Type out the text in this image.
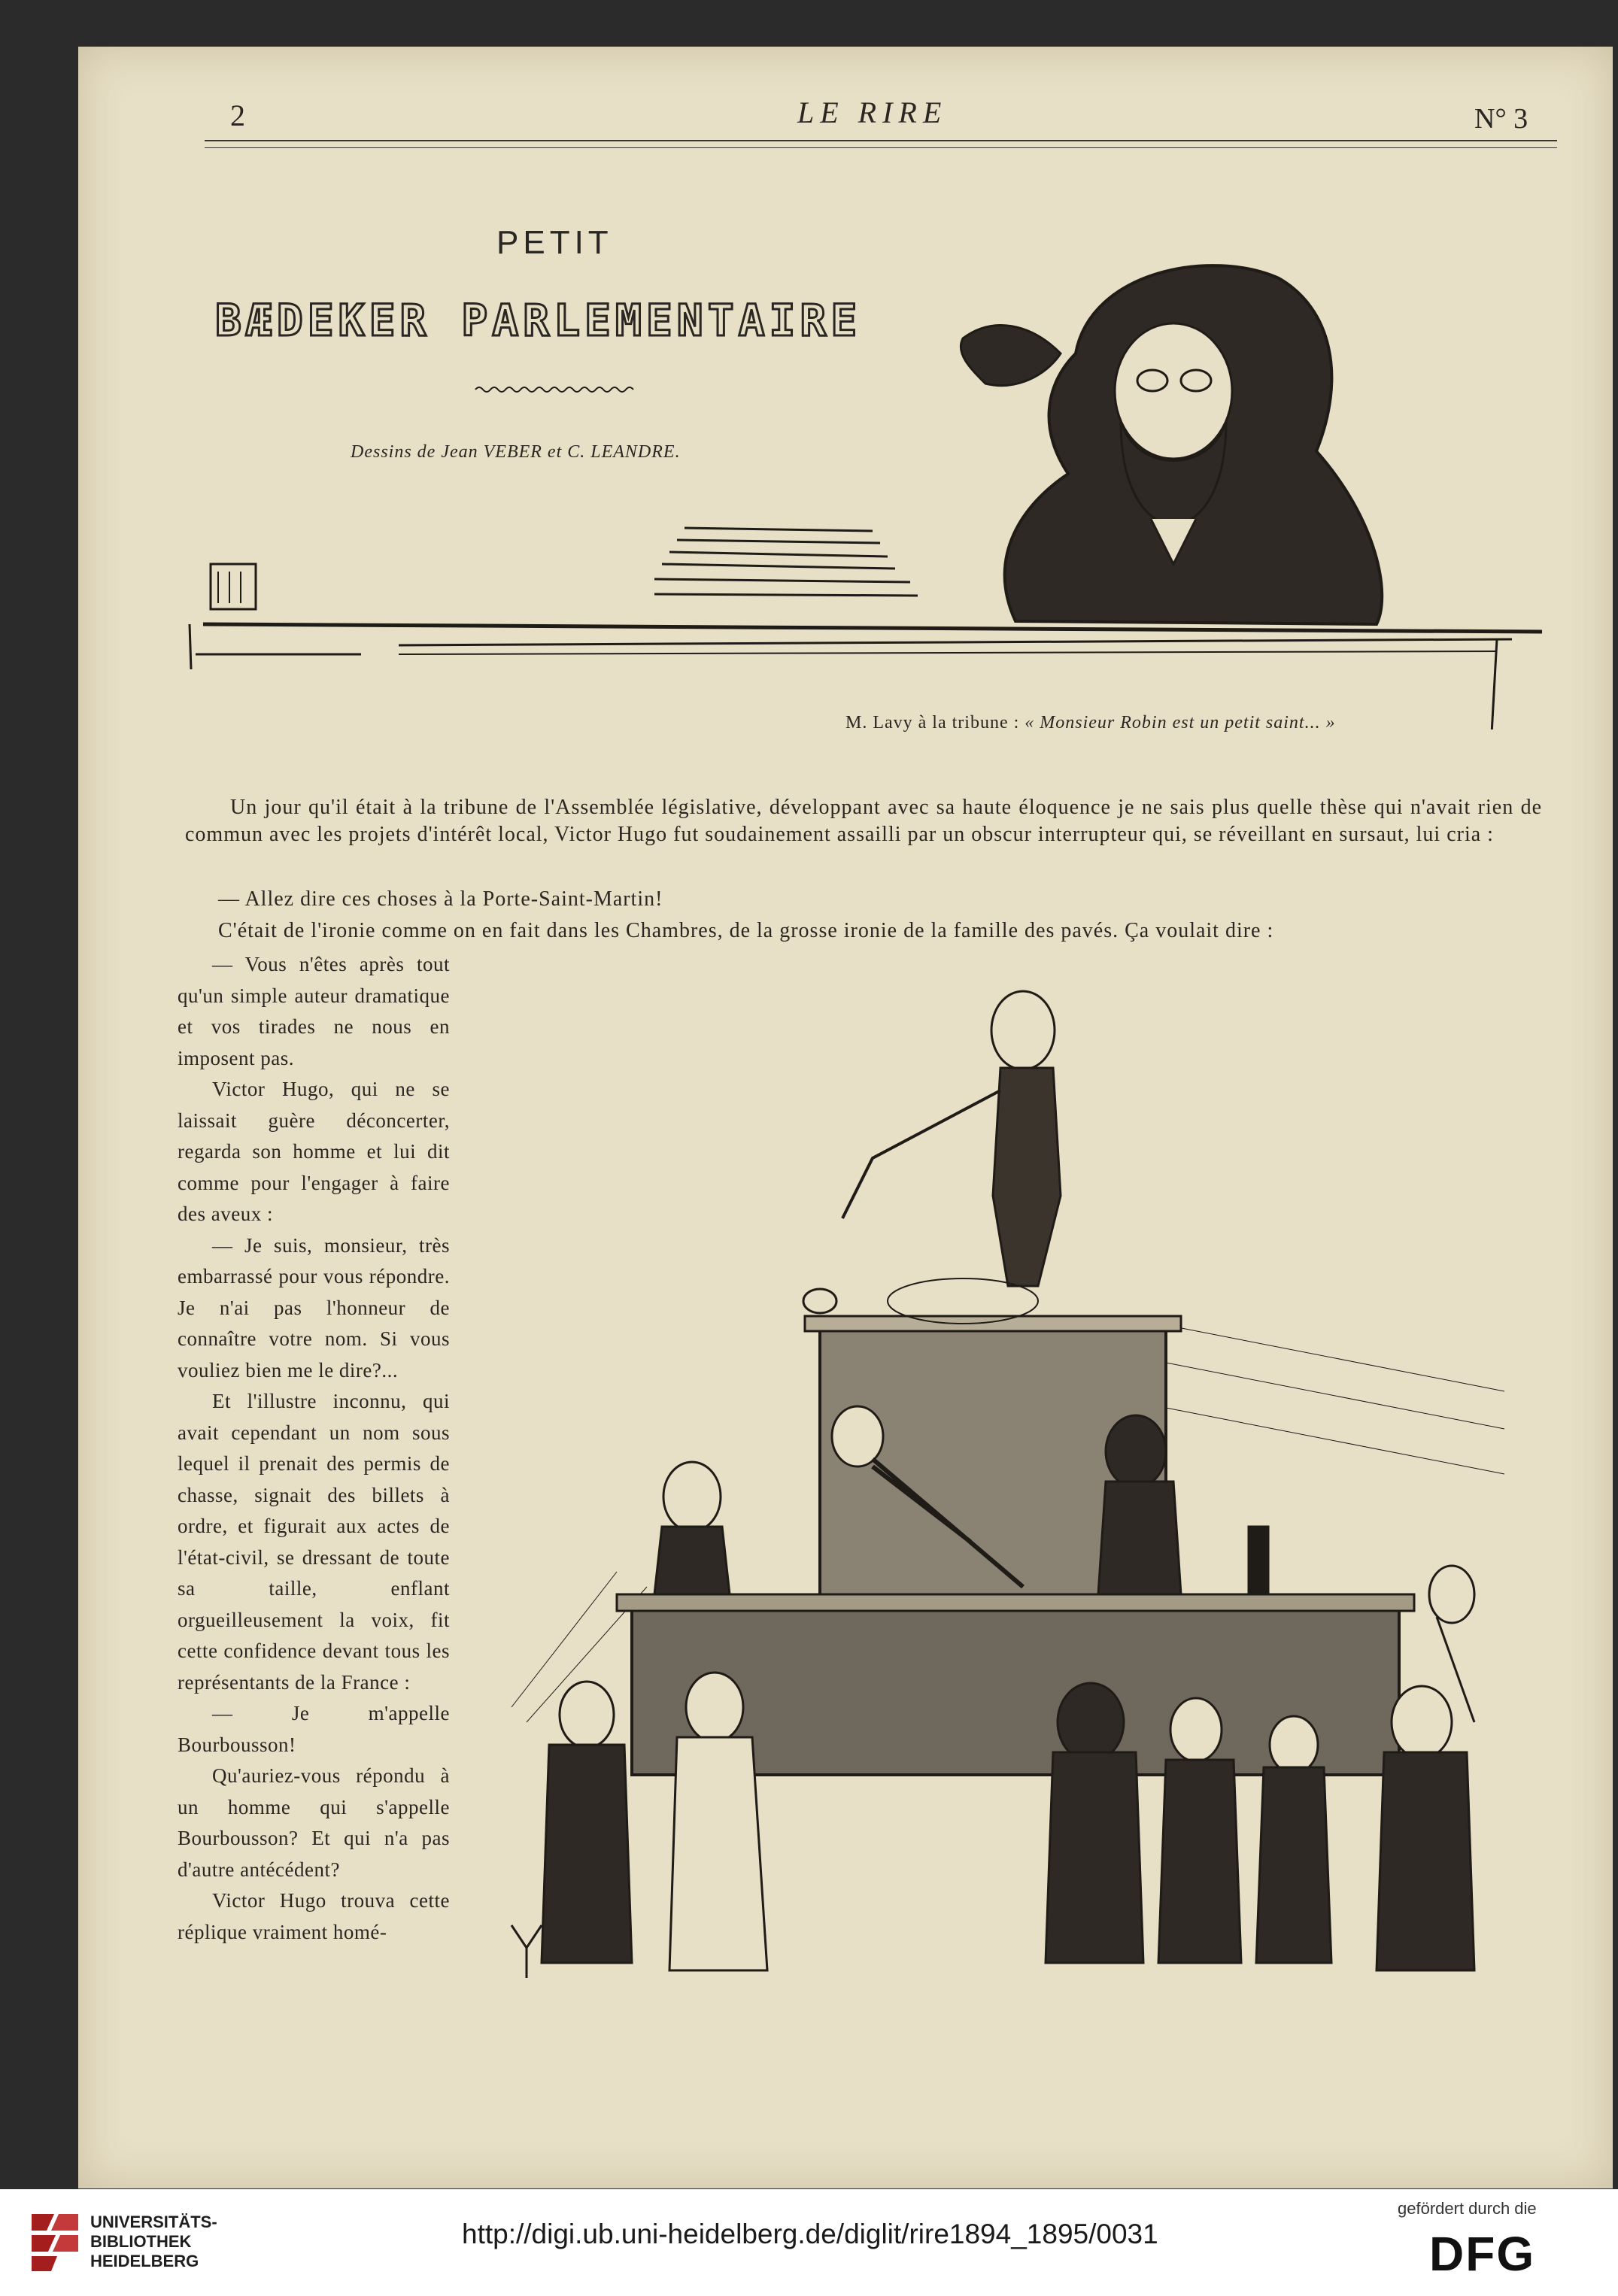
2	LE RIRE	N° 3
PETIT
BÆDEKER PARLEMENTAIRE
Dessins de Jean VEBER et C. LEANDRE.
M. Lavy à la tribune : « Monsieur Robin est un petit saint... »
Un jour qu'il était à la tribune de l'Assemblée législative, développant avec sa haute éloquence je ne sais plus quelle thèse qui n'avait rien de commun avec les projets d'intérêt local, Victor Hugo fut soudainement assailli par un obscur interrupteur qui, se réveillant en sursaut, lui cria :
— Allez dire ces choses à la Porte-Saint-Martin!
C'était de l'ironie comme on en fait dans les Chambres, de la grosse ironie de la famille des pavés. Ça voulait dire :

— Vous n'êtes après tout qu'un simple auteur dramatique et vos tirades ne nous en imposent pas.

Victor Hugo, qui ne se laissait guère déconcerter, regarda son homme et lui dit comme pour l'engager à faire des aveux :

— Je suis, monsieur, très embarrassé pour vous répondre. Je n'ai pas l'honneur de connaître votre nom. Si vous vouliez bien me le dire?...

Et l'illustre inconnu, qui avait cependant un nom sous lequel il prenait des permis de chasse, signait des billets à ordre, et figurait aux actes de l'état-civil, se dressant de toute sa taille, enflant orgueilleusement la voix, fit cette confidence devant tous les représentants de la France :

— Je m'appelle Bourbousson!

Qu'auriez-vous répondu à un homme qui s'appelle Bourbousson? Et qui n'a pas d'autre antécédent?

Victor Hugo trouva cette réplique vraiment homé-

UNIVERSITÄTS-
BIBLIOTHEK
HEIDELBERG
http://digi.ub.uni-heidelberg.de/diglit/rire1894_1895/0031
gefördert durch die
DFG
